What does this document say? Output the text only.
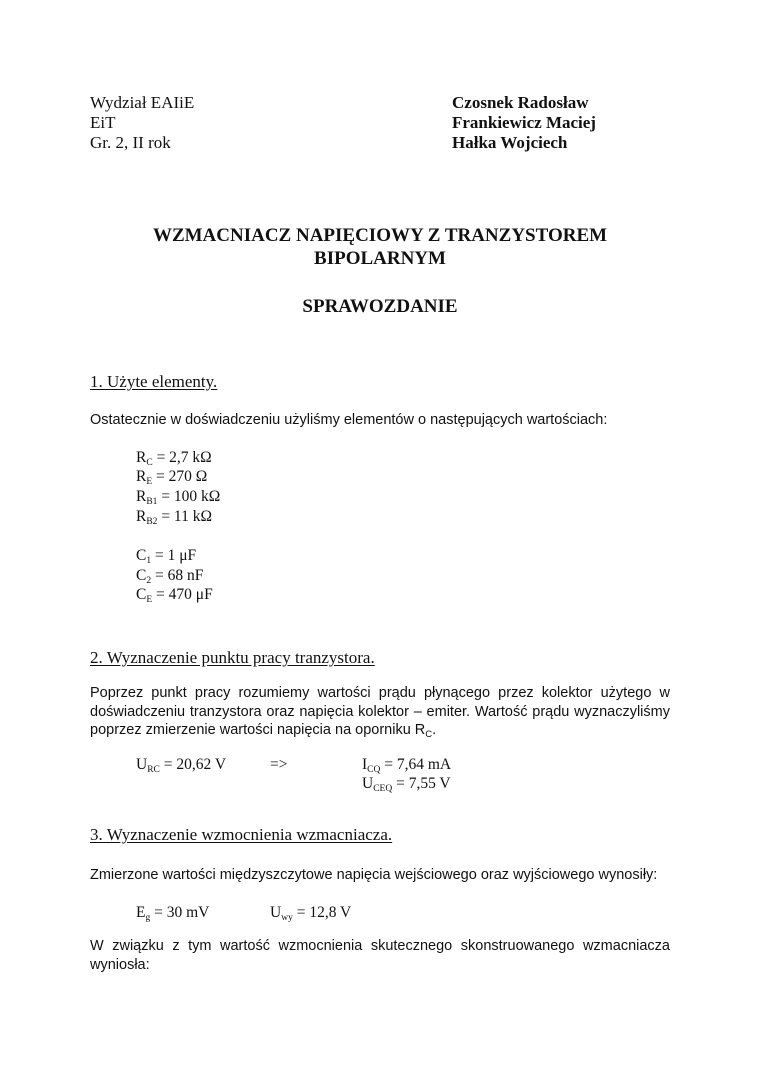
Wydział EAIiE
EiT
Gr. 2, II rok
Czosnek Radosław
Frankiewicz Maciej
Hałka Wojciech
WZMACNIACZ NAPIĘCIOWY Z TRANZYSTOREM
BIPOLARNYM
SPRAWOZDANIE
1. Użyte elementy.
Ostatecznie w doświadczeniu użyliśmy elementów o następujących wartościach:
$R_C = 2,7$ kΩ
$R_E = 270$ Ω
$R_{B1} = 100$ kΩ
$R_{B2} = 11$ kΩ
$C_1 = 1$ μF
$C_2 = 68$ nF
$C_E = 470$ μF
2. Wyznaczenie punktu pracy tranzystora.
Poprzez punkt pracy rozumiemy wartości prądu płynącego przez kolektor użytego w
doświadczeniu tranzystora oraz napięcia kolektor – emiter. Wartość prądu wyznaczyliśmy
poprzez zmierzenie wartości napięcia na oporniku $R_C$.
$U_{RC} = 20,62$ V	=>	$I_{CQ} = 7,64$ mA
$U_{CEQ} = 7,55$ V
3. Wyznaczenie wzmocnienia wzmacniacza.
Zmierzone wartości międzyszczytowe napięcia wejściowego oraz wyjściowego wynosiły:
$E_g = 30$ mV	$U_{wy} = 12,8$ V
W związku z tym wartość wzmocnienia skutecznego skonstruowanego wzmacniacza
wyniosła:
